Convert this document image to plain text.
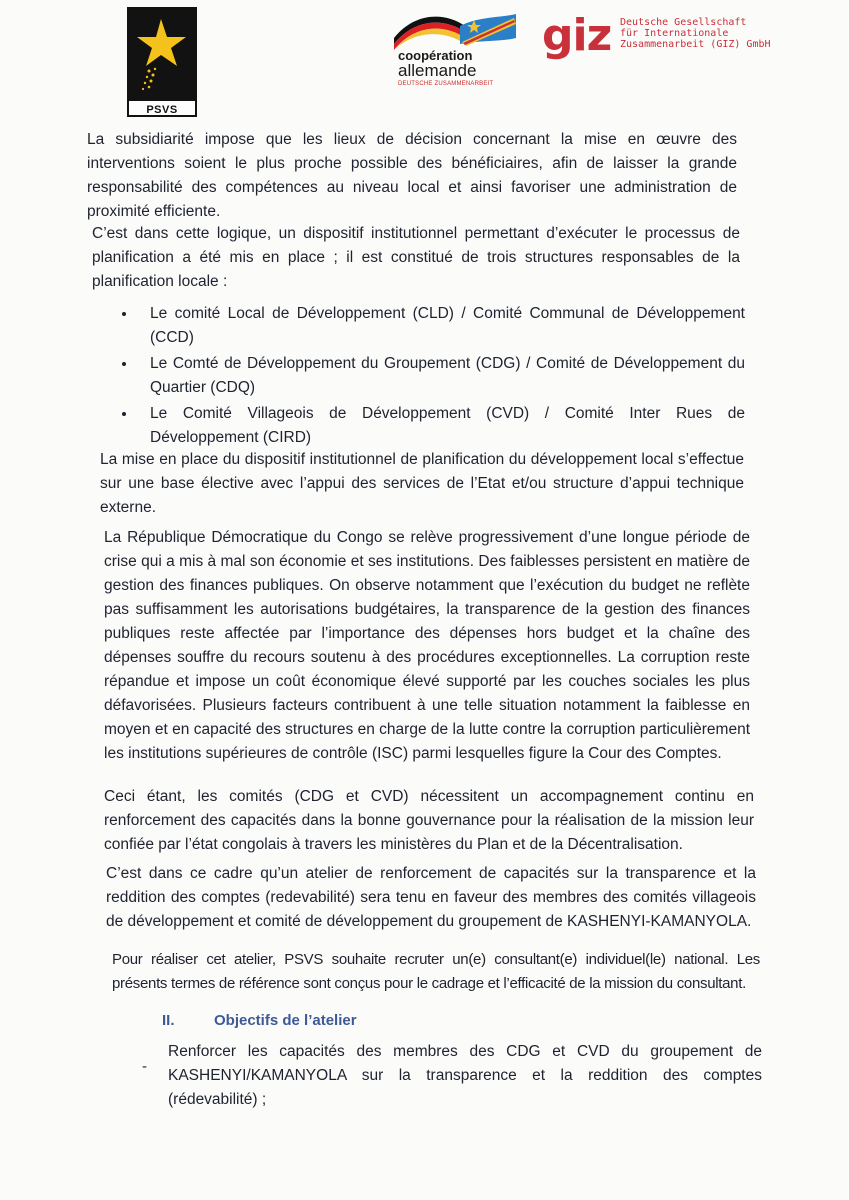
PSVS
coopération
allemande
DEUTSCHE ZUSAMMENARBEIT
giz Deutsche Gesellschaft
für Internationale
Zusammenarbeit (GIZ) GmbH

La subsidiarité impose que les lieux de décision concernant la mise en œuvre des interventions soient le plus proche possible des bénéficiaires, afin de laisser la grande responsabilité des compétences au niveau local et ainsi favoriser une administration de proximité efficiente.

C’est dans cette logique, un dispositif institutionnel permettant d’exécuter le processus de planification a été mis en place ; il est constitué de trois structures responsables de la planification locale :

Le comité Local de Développement (CLD) / Comité Communal de Développement (CCD)
Le Comté de Développement du Groupement (CDG) / Comité de Développement du Quartier (CDQ)
Le Comité Villageois de Développement (CVD) / Comité Inter Rues de Développement (CIRD)

La mise en place du dispositif institutionnel de planification du développement local s’effectue sur une base élective avec l’appui des services de l’Etat et/ou structure d’appui technique externe.

La République Démocratique du Congo se relève progressivement d’une longue période de crise qui a mis à mal son économie et ses institutions. Des faiblesses persistent en matière de gestion des finances publiques. On observe notamment que l’exécution du budget ne reflète pas suffisamment les autorisations budgétaires, la transparence de la gestion des finances publiques reste affectée par l’importance des dépenses hors budget et la chaîne des dépenses souffre du recours soutenu à des procédures exceptionnelles. La corruption reste répandue et impose un coût économique élevé supporté par les couches sociales les plus défavorisées. Plusieurs facteurs contribuent à une telle situation notamment la faiblesse en moyen et en capacité des structures en charge de la lutte contre la corruption particulièrement les institutions supérieures de contrôle (ISC) parmi lesquelles figure la Cour des Comptes.

Ceci étant, les comités (CDG et CVD) nécessitent un accompagnement continu en renforcement des capacités dans la bonne gouvernance pour la réalisation de la mission leur confiée par l’état congolais à travers les ministères du Plan et de la Décentralisation.

C’est dans ce cadre qu’un atelier de renforcement de capacités sur la transparence et la reddition des comptes (redevabilité) sera tenu en faveur des membres des comités villageois de développement et comité de développement du groupement de KASHENYI-KAMANYOLA.

Pour réaliser cet atelier, PSVS souhaite recruter un(e) consultant(e) individuel(le) national. Les présents termes de référence sont conçus pour le cadrage et l’efficacité de la mission du consultant.

II.	Objectifs de l’atelier
-
Renforcer les capacités des membres des CDG et CVD du groupement de KASHENYI/KAMANYOLA sur la transparence et la reddition des comptes (rédevabilité) ;
